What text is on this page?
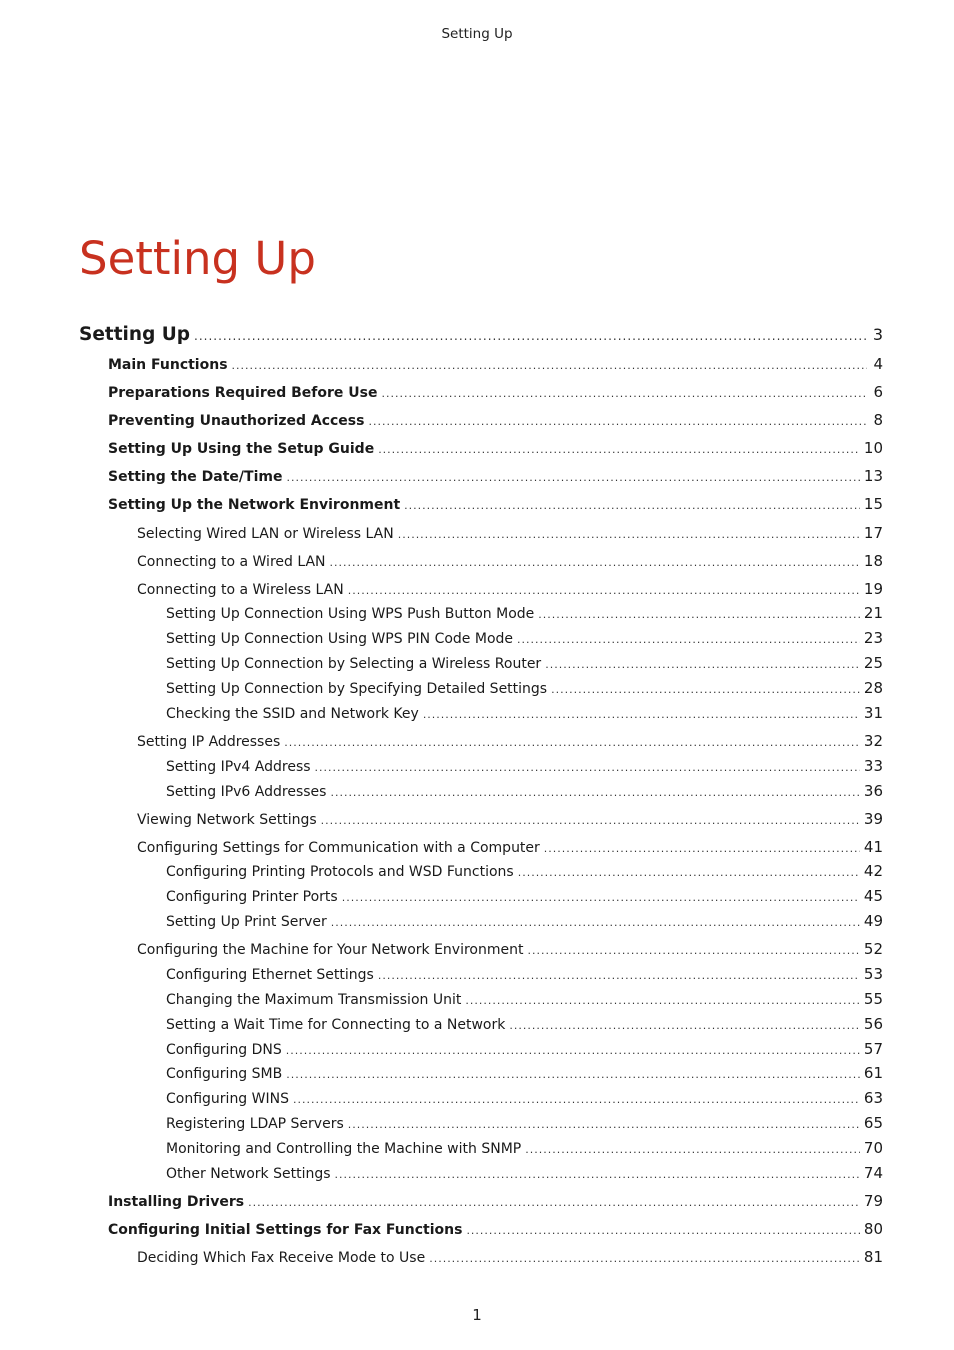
Setting Up
Setting Up
Setting Up .....	3
Main Functions .....	4
Preparations Required Before Use .....	6
Preventing Unauthorized Access .....	8
Setting Up Using the Setup Guide .....	10
Setting the Date/Time .....	13
Setting Up the Network Environment .....	15
Selecting Wired LAN or Wireless LAN .....	17
Connecting to a Wired LAN .....	18
Connecting to a Wireless LAN .....	19
Setting Up Connection Using WPS Push Button Mode .....	21
Setting Up Connection Using WPS PIN Code Mode .....	23
Setting Up Connection by Selecting a Wireless Router .....	25
Setting Up Connection by Specifying Detailed Settings .....	28
Checking the SSID and Network Key .....	31
Setting IP Addresses .....	32
Setting IPv4 Address .....	33
Setting IPv6 Addresses .....	36
Viewing Network Settings .....	39
Configuring Settings for Communication with a Computer .....	41
Configuring Printing Protocols and WSD Functions .....	42
Configuring Printer Ports .....	45
Setting Up Print Server .....	49
Configuring the Machine for Your Network Environment .....	52
Configuring Ethernet Settings .....	53
Changing the Maximum Transmission Unit .....	55
Setting a Wait Time for Connecting to a Network .....	56
Configuring DNS .....	57
Configuring SMB .....	61
Configuring WINS .....	63
Registering LDAP Servers .....	65
Monitoring and Controlling the Machine with SNMP .....	70
Other Network Settings .....	74
Installing Drivers .....	79
Configuring Initial Settings for Fax Functions .....	80
Deciding Which Fax Receive Mode to Use .....	81
1
